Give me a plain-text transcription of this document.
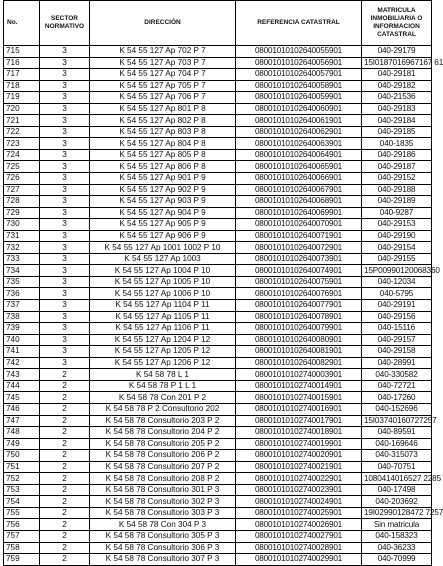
No.	SECTOR NORMATIVO	DIRECCIÓN	REFERENCIA CATASTRAL	MATRICULA INMOBILIARIA O INFORMACION CATASTRAL
715	3	K 54 55 127 Ap 702 P 7	08001010102640055901	040-29179
716	3	K 54 55 127 Ap 703 P 7	08001010102640056901	15I0187016967167 61
717	3	K 54 55 127 Ap 704 P 7	08001010102640057901	040-29181
718	3	K 54 55 127 Ap 705 P 7	08001010102640058901	040-29182
719	3	K 54 55 127 Ap 706 P 7	08001010102640059901	040-21536
720	3	K 54 55 127 Ap 801 P 8	08001010102640060901	040-29183
721	3	K 54 55 127 Ap 802 P 8	08001010102640061901	040-29184
722	3	K 54 55 127 Ap 803 P 8	08001010102640062901	040-29185
723	3	K 54 55 127 Ap 804 P 8	08001010102640063901	040-1835
724	3	K 54 55 127 Ap 805 P 8	08001010102640064901	040-29186
725	3	K 54 55 127 Ap 806 P 8	08001010102640065901	040-29187
726	3	K 54 55 127 Ap 901 P 9	08001010102640066901	040-29152
727	3	K 54 55 127 Ap 902 P 9	08001010102640067901	040-29188
728	3	K 54 55 127 Ap 903 P 9	08001010102640068901	040-29189
729	3	K 54 55 127 Ap 904 P 9	08001010102640069901	040-9287
730	3	K 54 55 127 Ap 905 P 9	08001010102640070901	040-29153
731	3	K 54 55 127 Ap 906 P 9	08001010102640071901	040-29190
732	3	K 54 55 127 Ap 1001 1002 P 10	08001010102640072901	040-29154
733	3	K 54 55 127 Ap 1003	08001010102640073901	040-29155
734	3	K 54 55 127 Ap 1004 P 10	08001010102640074901	15P00990120068360
735	3	K 54 55 127 Ap 1005 P 10	08001010102640075901	040-12034
736	3	K 54 55 127 Ap 1006 P 10	08001010102640076901	040-5795
737	3	K 54 55 127 Ap 1104 P 11	08001010102640077901	040-29191
738	3	K 54 55 127 Ap 1105 P 11	08001010102640078901	040-29156
739	3	K 54 55 127 Ap 1106 P 11	08001010102640079901	040-15116
740	3	K 54 55 127 Ap 1204 P 12	08001010102640080901	040-29157
741	3	K 54 55 127 Ap 1205 P 12	08001010102640081901	040-29158
742	3	K 54 55 127 Ap 1206 P 12	08001010102640082901	040-28991
743	2	K 54 58 78 L 1	08001010102740003901	040-330582
744	2	K 54 58 78 P 1 L 1	08001010102740014901	040-72721
745	2	K 54 58 78 Con 201 P 2	08001010102740015901	040-17260
746	2	K 54 58 78 P 2 Consultorio 202	08001010102740016901	040-152696
747	2	K 54 58 78 Consultorio 203 P 2	08001010102740017901	15I03740160727257
748	2	K 54 58 78 Consultorio 204 P 2	08001010102740018901	040-89591
749	2	K 54 58 78 Consultorio 205 P 2	08001010102740019901	040-169646
750	2	K 54 58 78 Consultorio 206 P 2	08001010102740020901	040-315073
751	2	K 54 58 78 Consultorio 207 P 2	08001010102740021901	040-70751
752	2	K 54 58 78 Consultorio 208 P 2	08001010102740022901	1080414016527 2285
753	2	K 54 58 78 Consultorio 301 P 3	08001010102740023901	040-17498
754	2	K 54 58 78 Consultorio 302 P 3	08001010102740024901	040-203692
755	2	K 54 58 78 Consultorio 303 P 3	08001010102740025901	19I02990128472 7257
756	2	K 54 58 78 Con 304 P 3	08001010102740026901	Sin matricula
757	2	K 54 58 78 Consultorio 305 P 3	08001010102740027901	040-158323
758	2	K 54 58 78 Consultorio 306 P 3	08001010102740028901	040-36233
759	2	K 54 58 78 Consultorio 307 P 3	08001010102740029901	040-70999
